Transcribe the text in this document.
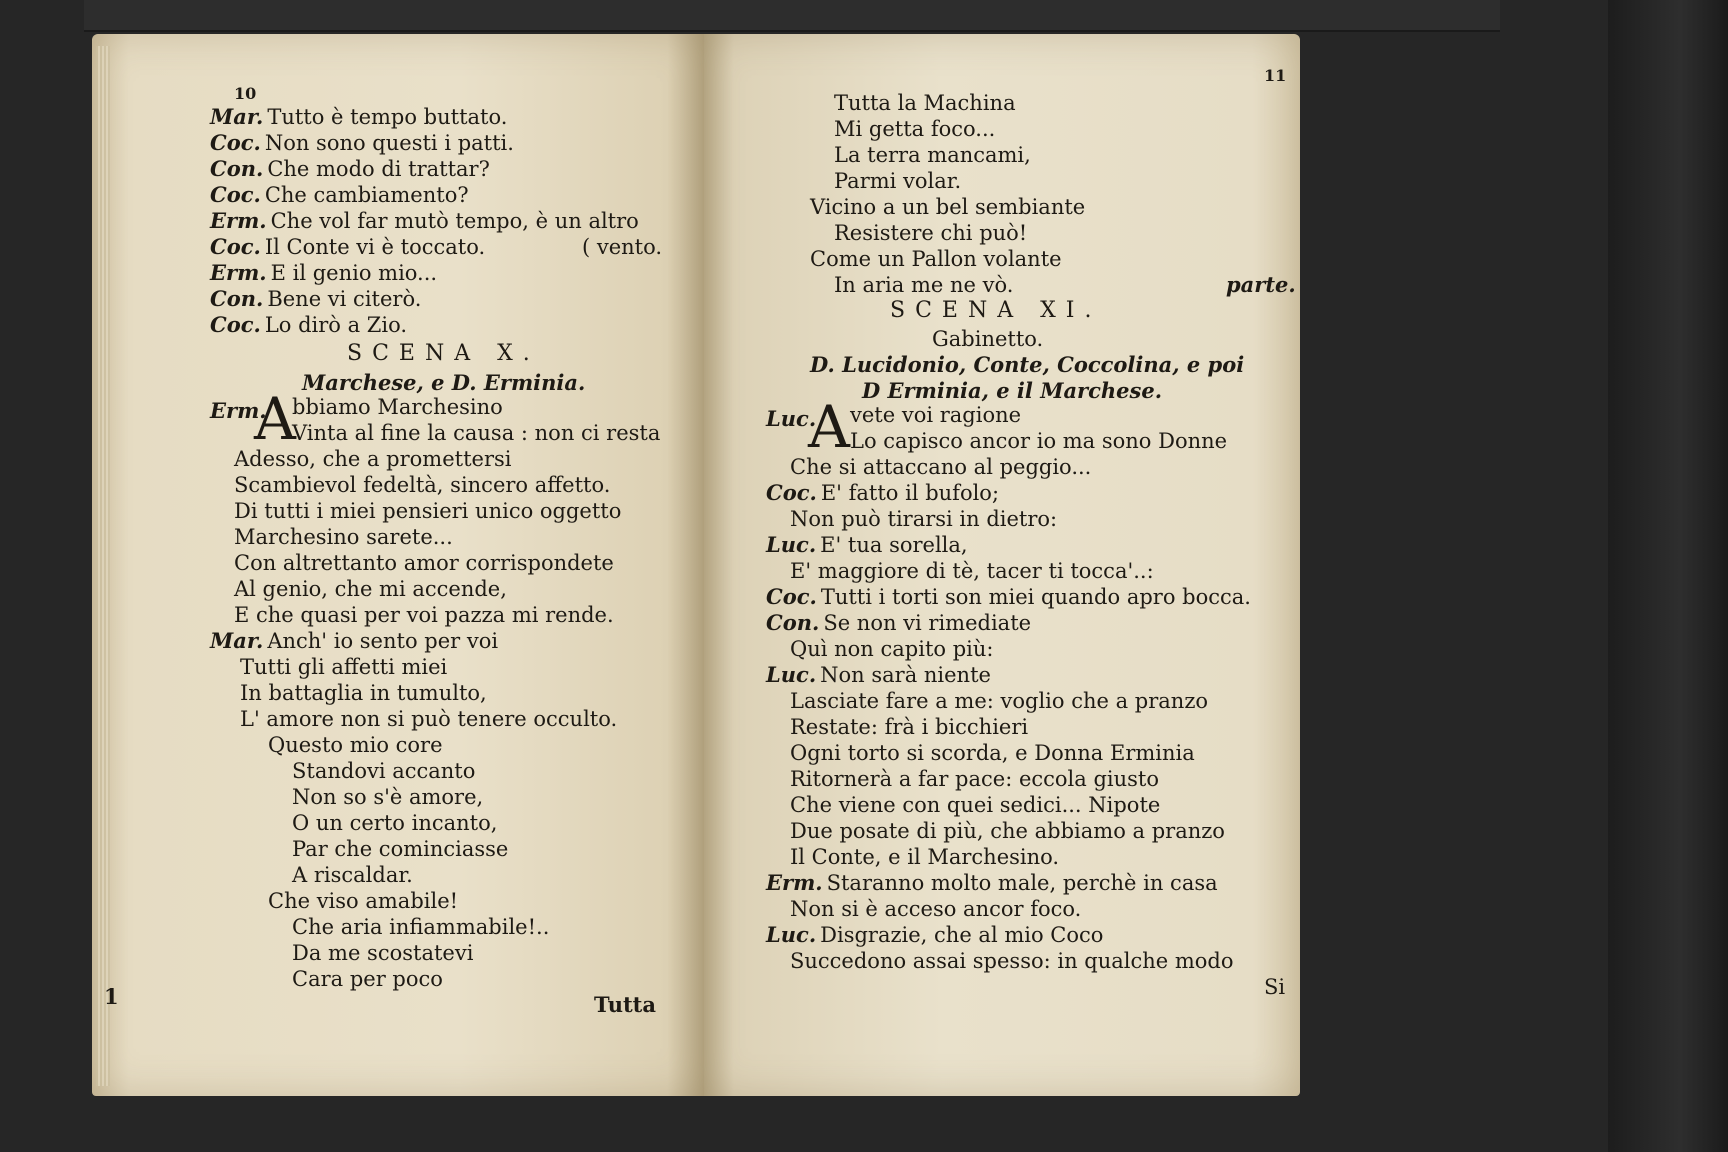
10
Mar. Tutto è tempo buttato.
Coc. Non sono questi i patti.
Con. Che modo di trattar?
Coc. Che cambiamento?
Erm. Che vol far mutò tempo, è un altro
Coc. Il Conte vi è toccato.	( vento.
Erm. E il genio mio...
Con. Bene vi citerò.
Coc. Lo dirò a Zio.
SCENA X.
Marchese, e D. Erminia.
Erm.
A
bbiamo Marchesino
Vinta al fine la causa : non ci resta
Adesso, che a promettersi
Scambievol fedeltà, sincero affetto.
Di tutti i miei pensieri unico oggetto
Marchesino sarete...
Con altrettanto amor corrispondete
Al genio, che mi accende,
E che quasi per voi pazza mi rende.
Mar. Anch' io sento per voi
Tutti gli affetti miei
In battaglia in tumulto,
L' amore non si può tenere occulto.
Questo mio core
Standovi accanto
Non so s'è amore,
O un certo incanto,
Par che cominciasse
A riscaldar.
Che viso amabile!
Che aria infiammabile!..
Da me scostatevi
Cara per poco
Tutta
1
11
Tutta la Machina
Mi getta foco...
La terra mancami,
Parmi volar.
Vicino a un bel sembiante
Resistere chi può!
Come un Pallon volante
In aria me ne vò.	parte.
SCENA XI.
Gabinetto.
D. Lucidonio, Conte, Coccolina, e poi
D Erminia, e il Marchese.
Luc.
A vete voi ragione
Lo capisco ancor io ma sono Donne
Che si attaccano al peggio...
Coc. E' fatto il bufolo;
Non può tirarsi in dietro:
Luc. E' tua sorella,
E' maggiore di tè, tacer ti tocca'..:
Coc. Tutti i torti son miei quando apro bocca.
Con. Se non vi rimediate
Quì non capito più:
Luc. Non sarà niente
Lasciate fare a me: voglio che a pranzo
Restate: frà i bicchieri
Ogni torto si scorda, e Donna Erminia
Ritornerà a far pace: eccola giusto
Che viene con quei sedici... Nipote
Due posate di più, che abbiamo a pranzo
Il Conte, e il Marchesino.
Erm. Staranno molto male, perchè in casa
Non si è acceso ancor foco.
Luc. Disgrazie, che al mio Coco
Succedono assai spesso: in qualche modo
Si
